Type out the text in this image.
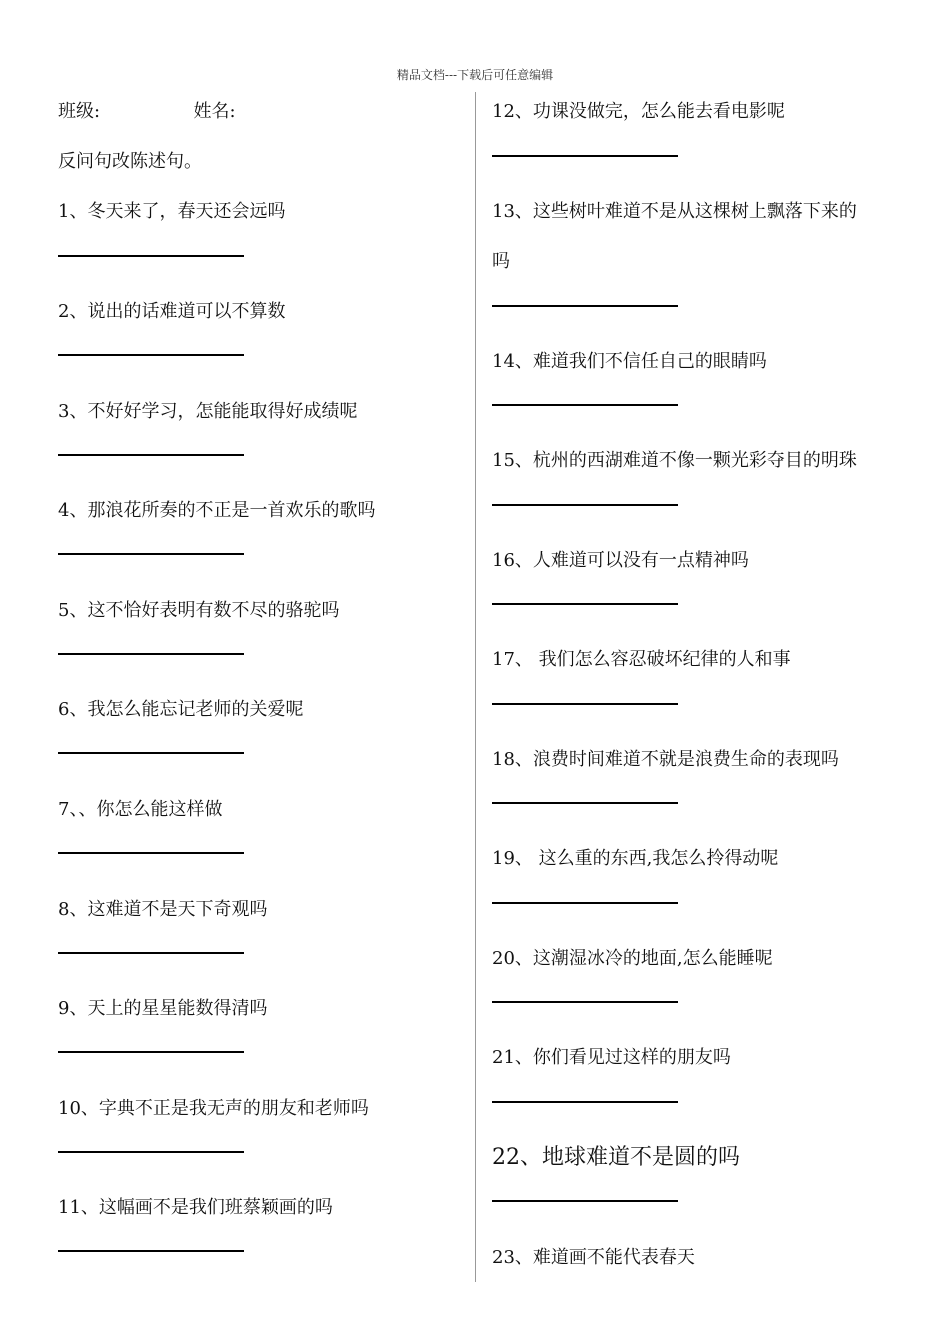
精品文档---下载后可任意编辑
班级:	姓名:
反问句改陈述句。
1、冬天来了，春天还会远吗
2、说出的话难道可以不算数
3、不好好学习，怎能能取得好成绩呢
4、那浪花所奏的不正是一首欢乐的歌吗
5、这不恰好表明有数不尽的骆驼吗
6、我怎么能忘记老师的关爱呢
7、、你怎么能这样做
8、这难道不是天下奇观吗
9、天上的星星能数得清吗
10、字典不正是我无声的朋友和老师吗
11、这幅画不是我们班蔡颖画的吗
12、功课没做完，怎么能去看电影呢
13、这些树叶难道不是从这棵树上飘落下来的
吗
14、难道我们不信任自己的眼睛吗
15、杭州的西湖难道不像一颗光彩夺目的明珠
16、人难道可以没有一点精神吗
17、 我们怎么容忍破坏纪律的人和事
18、浪费时间难道不就是浪费生命的表现吗
19、 这么重的东西,我怎么拎得动呢
20、这潮湿冰冷的地面,怎么能睡呢
21、你们看见过这样的朋友吗
22、地球难道不是圆的吗
23、难道画不能代表春天
